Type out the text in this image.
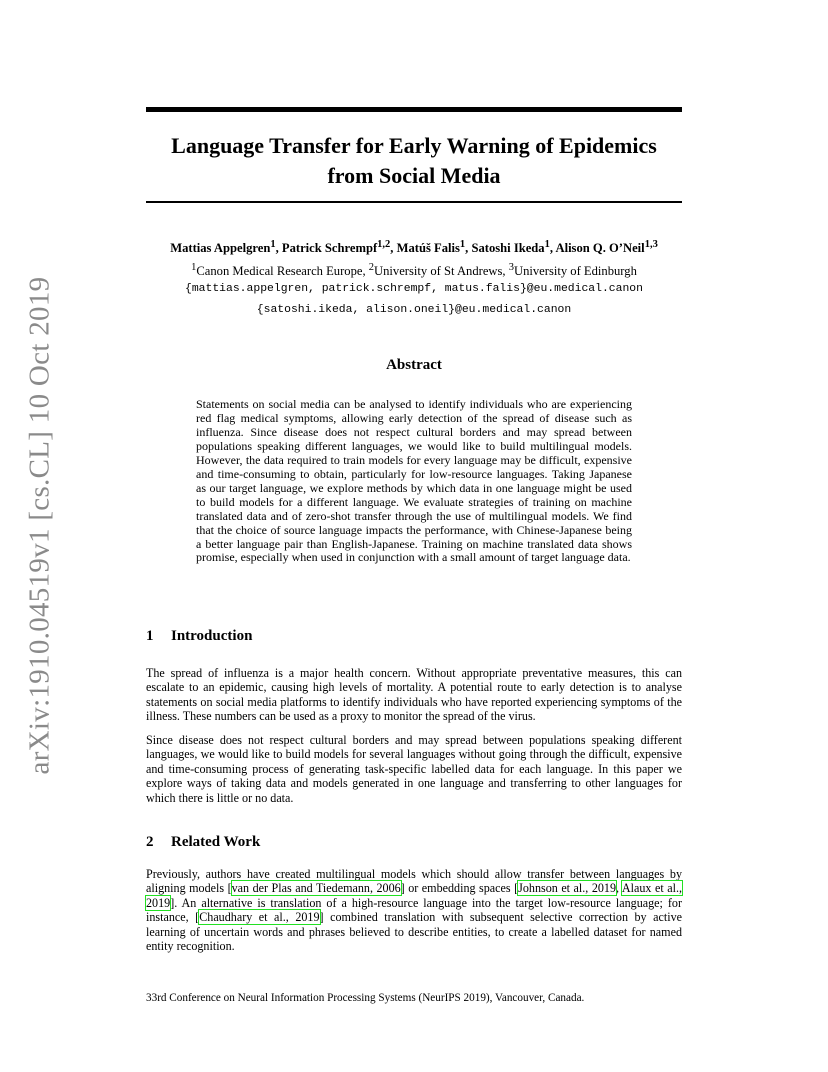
arXiv:1910.04519v1 [cs.CL] 10 Oct 2019
Language Transfer for Early Warning of Epidemics
from Social Media
Mattias Appelgren$^1$, Patrick Schrempf$^{1,2}$, Matúš Falis$^1$, Satoshi Ikeda$^1$, Alison Q. O’Neil$^{1,3}$
$^1$Canon Medical Research Europe, $^2$University of St Andrews, $^3$University of Edinburgh
{mattias.appelgren, patrick.schrempf, matus.falis}@eu.medical.canon
{satoshi.ikeda, alison.oneil}@eu.medical.canon
Abstract
Statements on social media can be analysed to identify individuals who are experiencing red flag medical symptoms, allowing early detection of the spread of disease such as influenza. Since disease does not respect cultural borders and may spread between populations speaking different languages, we would like to build multilingual models. However, the data required to train models for every language may be difficult, expensive and time-consuming to obtain, particularly for low-resource languages. Taking Japanese as our target language, we explore methods by which data in one language might be used to build models for a different language. We evaluate strategies of training on machine translated data and of zero-shot transfer through the use of multilingual models. We find that the choice of source language impacts the performance, with Chinese-Japanese being a better language pair than English-Japanese. Training on machine translated data shows promise, especially when used in conjunction with a small amount of target language data.
1 Introduction

The spread of influenza is a major health concern. Without appropriate preventative measures, this can escalate to an epidemic, causing high levels of mortality. A potential route to early detection is to analyse statements on social media platforms to identify individuals who have reported experiencing symptoms of the illness. These numbers can be used as a proxy to monitor the spread of the virus.

Since disease does not respect cultural borders and may spread between populations speaking different languages, we would like to build models for several languages without going through the difficult, expensive and time-consuming process of generating task-specific labelled data for each language. In this paper we explore ways of taking data and models generated in one language and transferring to other languages for which there is little or no data.

2 Related Work

Previously, authors have created multilingual models which should allow transfer between languages by aligning models [van der Plas and Tiedemann, 2006] or embedding spaces [Johnson et al., 2019, Alaux et al., 2019]. An alternative is translation of a high-resource language into the target low-resource language; for instance, [Chaudhary et al., 2019] combined translation with subsequent selective correction by active learning of uncertain words and phrases believed to describe entities, to create a labelled dataset for named entity recognition.

33rd Conference on Neural Information Processing Systems (NeurIPS 2019), Vancouver, Canada.
